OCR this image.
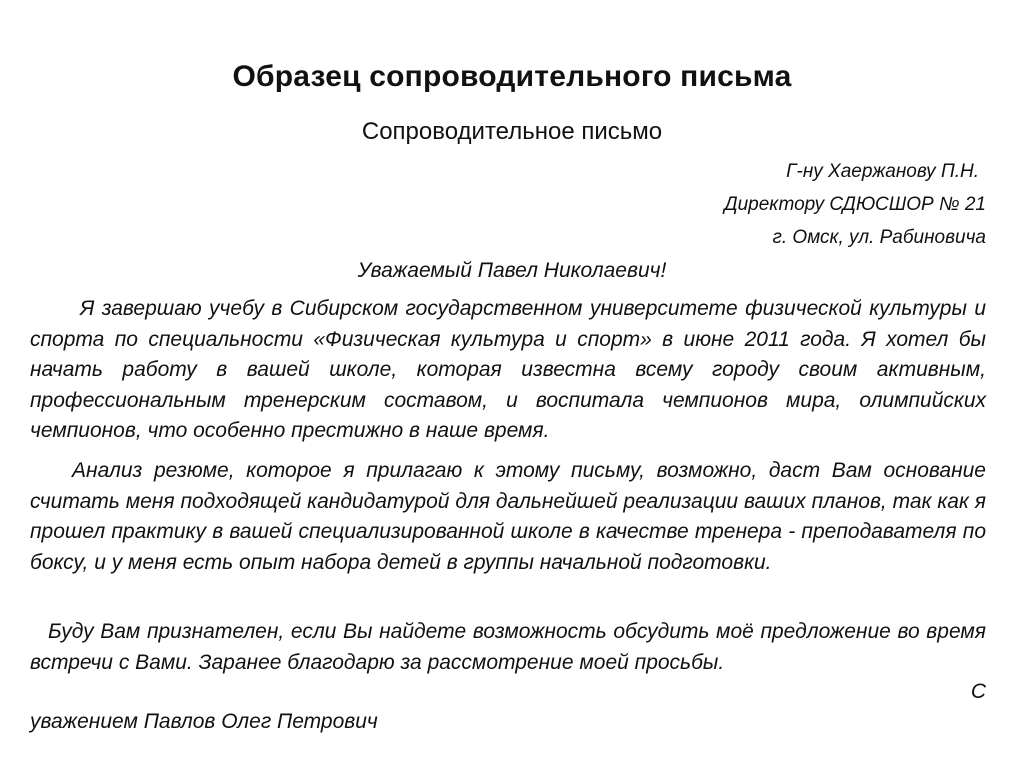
Образец сопроводительного письма

Сопроводительное письмо

Г-ну Хаержанову П.Н.

Директору СДЮСШОР № 21

г. Омск, ул. Рабиновича

Уважаемый Павел Николаевич!

Я завершаю учебу в Сибирском государственном университете физической культуры и спорта по специальности «Физическая культура и спорт» в июне 2011 года. Я хотел бы начать работу в вашей школе, которая известна всему городу своим активным, профессиональным тренерским составом, и воспитала чемпионов мира, олимпийских чемпионов, что особенно престижно в наше время.

Анализ резюме, которое я прилагаю к этому письму, возможно, даст Вам основание считать меня подходящей кандидатурой для дальнейшей реализации ваших планов, так как я прошел практику в вашей специализированной школе в качестве тренера - преподавателя по боксу, и у меня есть опыт набора детей в группы начальной подготовки.

Буду Вам признателен, если Вы найдете возможность обсудить моё предложение во время встречи с Вами. Заранее благодарю за рассмотрение моей просьбы.

С

уважением Павлов Олег Петрович
